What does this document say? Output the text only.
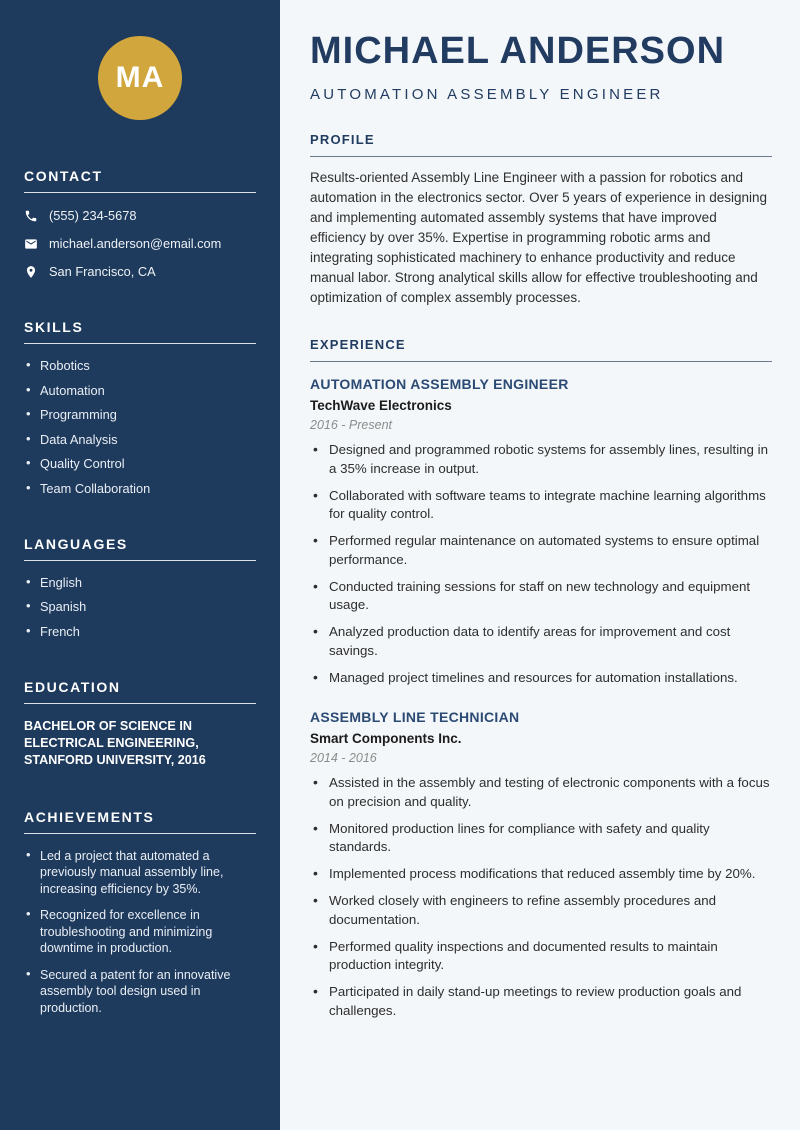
MA
CONTACT
(555) 234-5678
michael.anderson@email.com
San Francisco, CA
SKILLS
• Robotics
• Automation
• Programming
• Data Analysis
• Quality Control
• Team Collaboration
LANGUAGES
• English
• Spanish
• French
EDUCATION
BACHELOR OF SCIENCE IN ELECTRICAL ENGINEERING, STANFORD UNIVERSITY, 2016
ACHIEVEMENTS
• Led a project that automated a previously manual assembly line, increasing efficiency by 35%.
• Recognized for excellence in troubleshooting and minimizing downtime in production.
• Secured a patent for an innovative assembly tool design used in production.
MICHAEL ANDERSON
AUTOMATION ASSEMBLY ENGINEER
PROFILE

Results-oriented Assembly Line Engineer with a passion for robotics and automation in the electronics sector. Over 5 years of experience in designing and implementing automated assembly systems that have improved efficiency by over 35%. Expertise in programming robotic arms and integrating sophisticated machinery to enhance productivity and reduce manual labor. Strong analytical skills allow for effective troubleshooting and optimization of complex assembly processes.

EXPERIENCE
AUTOMATION ASSEMBLY ENGINEER
TechWave Electronics
2016 - Present
• Designed and programmed robotic systems for assembly lines, resulting in a 35% increase in output.
• Collaborated with software teams to integrate machine learning algorithms for quality control.
• Performed regular maintenance on automated systems to ensure optimal performance.
• Conducted training sessions for staff on new technology and equipment usage.
• Analyzed production data to identify areas for improvement and cost savings.
• Managed project timelines and resources for automation installations.
ASSEMBLY LINE TECHNICIAN
Smart Components Inc.
2014 - 2016
• Assisted in the assembly and testing of electronic components with a focus on precision and quality.
• Monitored production lines for compliance with safety and quality standards.
• Implemented process modifications that reduced assembly time by 20%.
• Worked closely with engineers to refine assembly procedures and documentation.
• Performed quality inspections and documented results to maintain production integrity.
• Participated in daily stand-up meetings to review production goals and challenges.
